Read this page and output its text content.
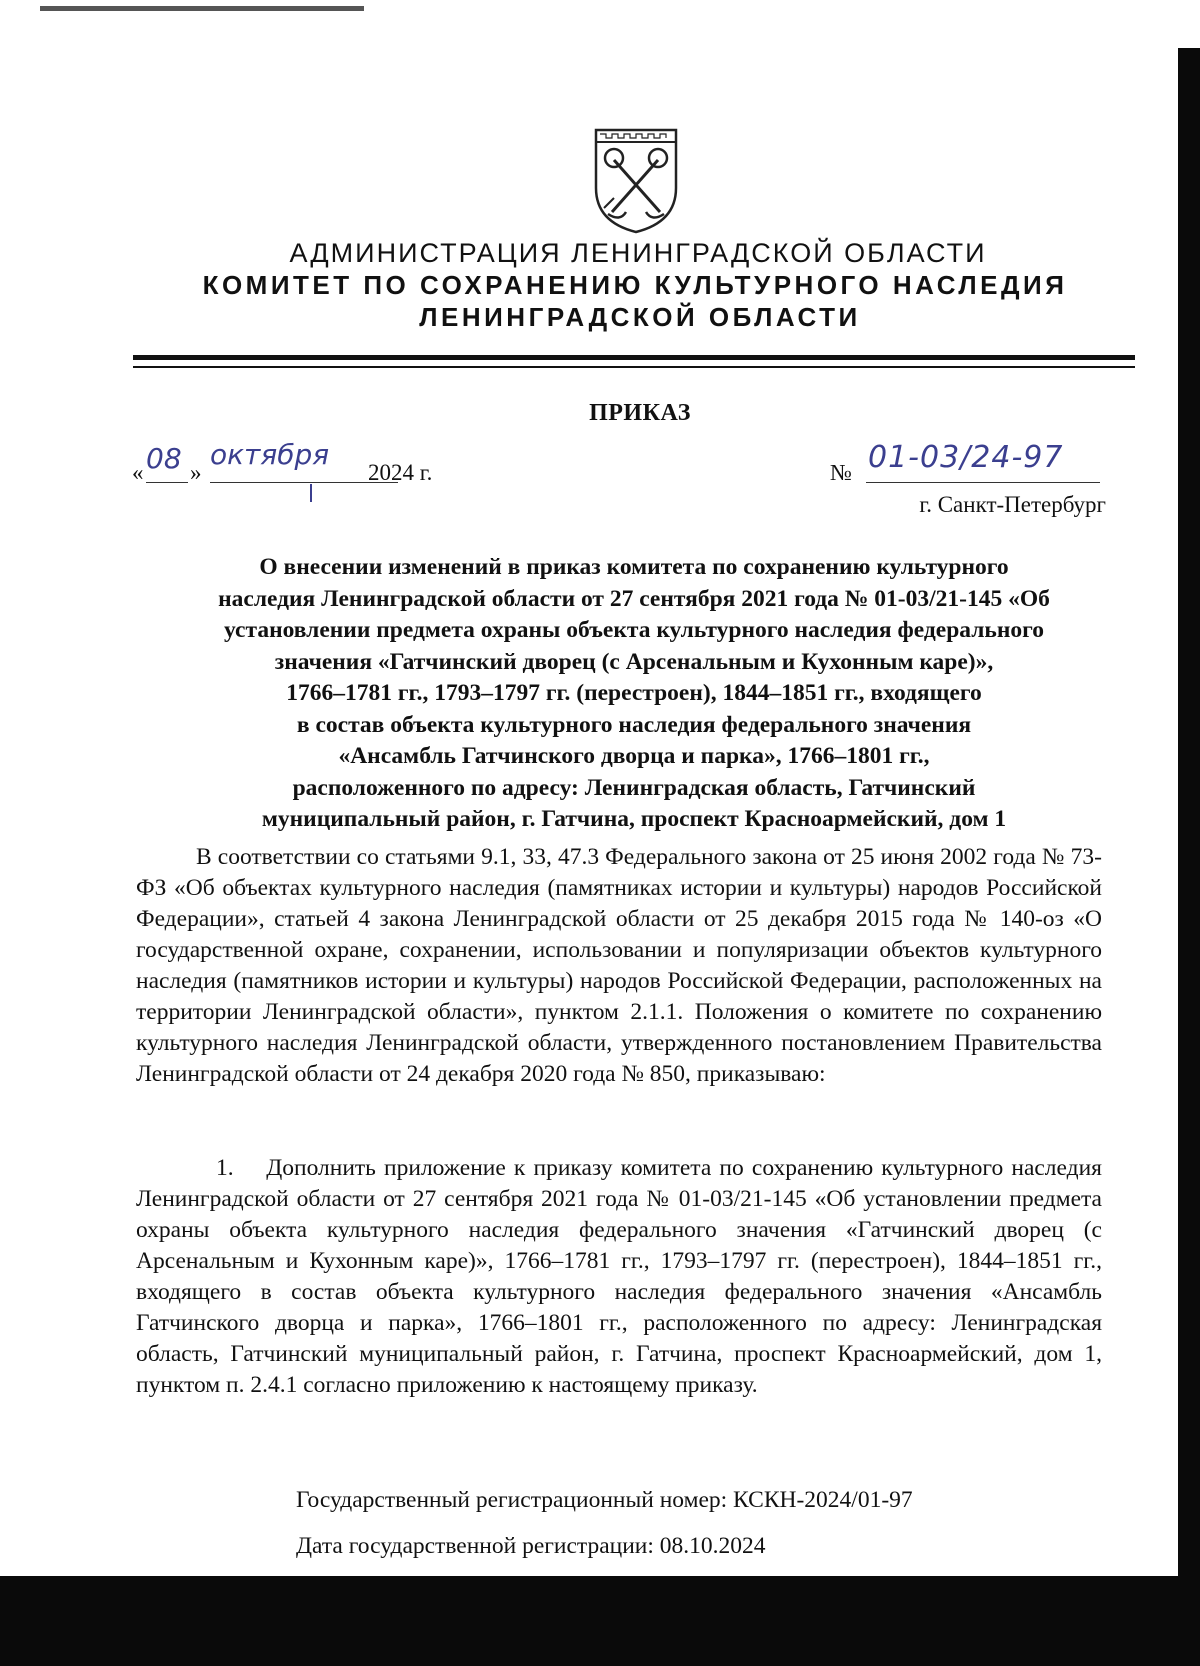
АДМИНИСТРАЦИЯ ЛЕНИНГРАДСКОЙ ОБЛАСТИ
КОМИТЕТ ПО СОХРАНЕНИЮ КУЛЬТУРНОГО НАСЛЕДИЯ
ЛЕНИНГРАДСКОЙ ОБЛАСТИ
ПРИКАЗ
« 08 »
октября
2024 г.	№ 01-03/24-97
г. Санкт-Петербург
О внесении изменений в приказ комитета по сохранению культурного
наследия Ленинградской области от 27 сентября 2021 года № 01-03/21-145 «Об
установлении предмета охраны объекта культурного наследия федерального
значения «Гатчинский дворец (с Арсенальным и Кухонным каре)»,
1766–1781 гг., 1793–1797 гг. (перестроен), 1844–1851 гг., входящего
в состав объекта культурного наследия федерального значения
«Ансамбль Гатчинского дворца и парка», 1766–1801 гг.,
расположенного по адресу: Ленинградская область, Гатчинский
муниципальный район, г. Гатчина, проспект Красноармейский, дом 1
В соответствии со статьями 9.1, 33, 47.3 Федерального закона от 25 июня 2002 года № 73-ФЗ «Об объектах культурного наследия (памятниках истории и культуры) народов Российской Федерации», статьей 4 закона Ленинградской области от 25 декабря 2015 года № 140-оз «О государственной охране, сохранении, использовании и популяризации объектов культурного наследия (памятников истории и культуры) народов Российской Федерации, расположенных на территории Ленинградской области», пунктом 2.1.1. Положения о комитете по сохранению культурного наследия Ленинградской области, утвержденного постановлением Правительства Ленинградской области от 24 декабря 2020 года № 850, приказываю:
1. Дополнить приложение к приказу комитета по сохранению культурного наследия Ленинградской области от 27 сентября 2021 года № 01-03/21-145 «Об установлении предмета охраны объекта культурного наследия федерального значения «Гатчинский дворец (с Арсенальным и Кухонным каре)», 1766–1781 гг., 1793–1797 гг. (перестроен), 1844–1851 гг., входящего в состав объекта культурного наследия федерального значения «Ансамбль Гатчинского дворца и парка», 1766–1801 гг., расположенного по адресу: Ленинградская область, Гатчинский муниципальный район, г. Гатчина, проспект Красноармейский, дом 1, пунктом п. 2.4.1 согласно приложению к настоящему приказу.
Государственный регистрационный номер: КСКН-2024/01-97
Дата государственной регистрации: 08.10.2024
